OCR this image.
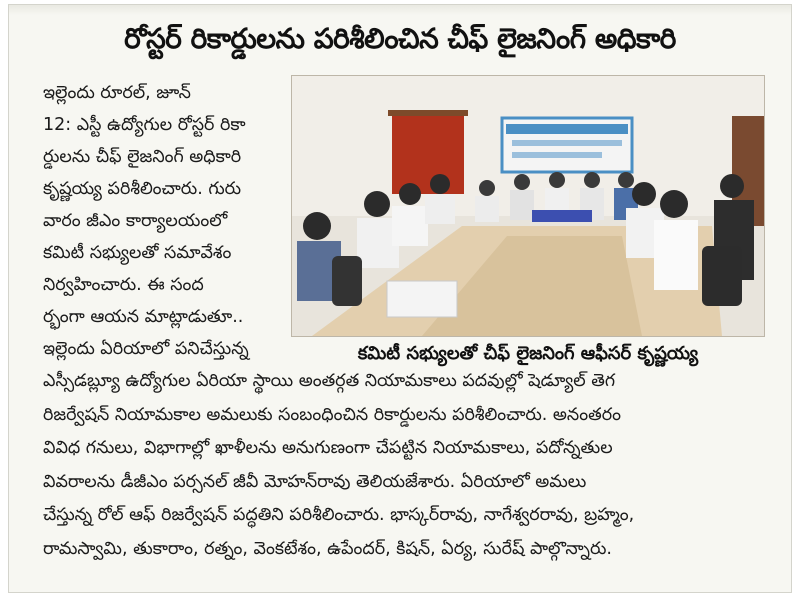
రోస్టర్ రికార్డులను పరిశీలించిన చీఫ్ లైజనింగ్ అధికారి
ఇల్లెందు రూరల్, జూన్
12: ఎస్టీ ఉద్యోగుల రోస్టర్ రికా
ర్డులను చీఫ్ లైజనింగ్ అధికారి
కృష్ణయ్య పరిశీలించారు. గురు
వారం జీఎం కార్యాలయంలో
కమిటీ సభ్యులతో సమావేశం
నిర్వహించారు. ఈ సంద
ర్భంగా ఆయన మాట్లాడుతూ..
ఇల్లెందు ఏరియాలో పనిచేస్తున్న	కమిటీ సభ్యులతో చీఫ్ లైజనింగ్ ఆఫీసర్ కృష్ణయ్య
ఎస్సీడబ్ల్యూ ఉద్యోగుల ఏరియా స్థాయి అంతర్గత నియామకాలు పదవుల్లో షెడ్యూల్ తెగ
రిజర్వేషన్ నియామకాల అమలుకు సంబంధించిన రికార్డులను పరిశీలించారు. అనంతరం
వివిధ గనులు, విభాగాల్లో ఖాళీలను అనుగుణంగా చేపట్టిన నియామకాలు, పదోన్నతుల
వివరాలను డీజీఎం పర్సనల్ జీవీ మోహన్‌రావు తెలియజేశారు. ఏరియాలో అమలు
చేస్తున్న రోల్ ఆఫ్ రిజర్వేషన్ పద్ధతిని పరిశీలించారు. భాస్కర్‌రావు, నాగేశ్వరరావు, బ్రహ్మం,
రామస్వామి, తుకారాం, రత్నం, వెంకటేశం, ఉపేందర్, కిషన్, ఏర్య, సురేష్ పాల్గొన్నారు.
